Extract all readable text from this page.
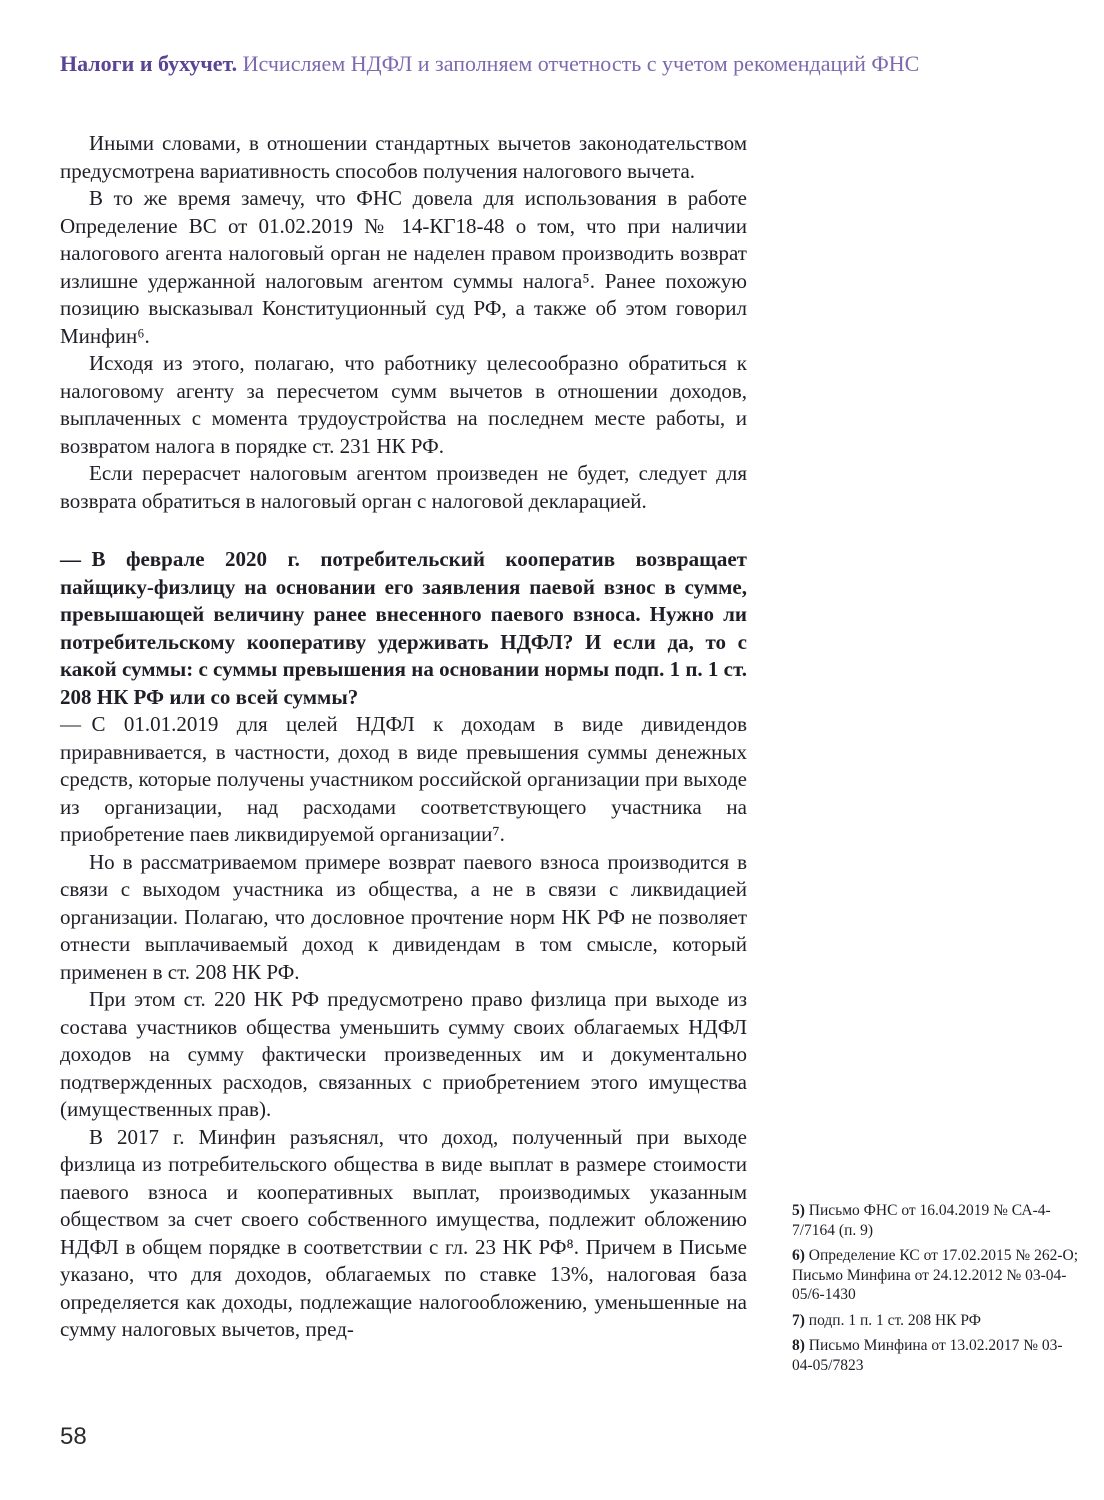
Налоги и бухучет. Исчисляем НДФЛ и заполняем отчетность с учетом рекомендаций ФНС

Иными словами, в отношении стандартных вычетов законодательством предусмотрена вариативность способов получения налогового вычета.

В то же время замечу, что ФНС довела для использования в работе Определение ВС от 01.02.2019 № 14-КГ18-48 о том, что при наличии налогового агента налоговый орган не наделен правом производить возврат излишне удержанной налоговым агентом суммы налога⁵. Ранее похожую позицию высказывал Конституционный суд РФ, а также об этом говорил Минфин⁶.

Исходя из этого, полагаю, что работнику целесообразно обратиться к налоговому агенту за пересчетом сумм вычетов в отношении доходов, выплаченных с момента трудоустройства на последнем месте работы, и возвратом налога в порядке ст. 231 НК РФ.

Если перерасчет налоговым агентом произведен не будет, следует для возврата обратиться в налоговый орган с налоговой декларацией.

— В феврале 2020 г. потребительский кооператив возвращает пайщику-физлицу на основании его заявления паевой взнос в сумме, превышающей величину ранее внесенного паевого взноса. Нужно ли потребительскому кооперативу удерживать НДФЛ? И если да, то с какой суммы: с суммы превышения на основании нормы подп. 1 п. 1 ст. 208 НК РФ или со всей суммы?

— С 01.01.2019 для целей НДФЛ к доходам в виде дивидендов приравнивается, в частности, доход в виде превышения суммы денежных средств, которые получены участником российской организации при выходе из организации, над расходами соответствующего участника на приобретение паев ликвидируемой организации⁷.

Но в рассматриваемом примере возврат паевого взноса производится в связи с выходом участника из общества, а не в связи с ликвидацией организации. Полагаю, что дословное прочтение норм НК РФ не позволяет отнести выплачиваемый доход к дивидендам в том смысле, который применен в ст. 208 НК РФ.

При этом ст. 220 НК РФ предусмотрено право физлица при выходе из состава участников общества уменьшить сумму своих облагаемых НДФЛ доходов на сумму фактически произведенных им и документально подтвержденных расходов, связанных с приобретением этого имущества (имущественных прав).

В 2017 г. Минфин разъяснял, что доход, полученный при выходе физлица из потребительского общества в виде выплат в размере стоимости паевого взноса и кооперативных выплат, производимых указанным обществом за счет своего собственного имущества, подлежит обложению НДФЛ в общем порядке в соответствии с гл. 23 НК РФ⁸. Причем в Письме указано, что для доходов, облагаемых по ставке 13%, налоговая база определяется как доходы, подлежащие налогообложению, уменьшенные на сумму налоговых вычетов, пред-

5) Письмо ФНС от 16.04.2019 № СА-4-7/7164 (п. 9)

6) Определение КС от 17.02.2015 № 262-О; Письмо Минфина от 24.12.2012 № 03-04-05/6-1430

7) подп. 1 п. 1 ст. 208 НК РФ

8) Письмо Минфина от 13.02.2017 № 03-04-05/7823

58
